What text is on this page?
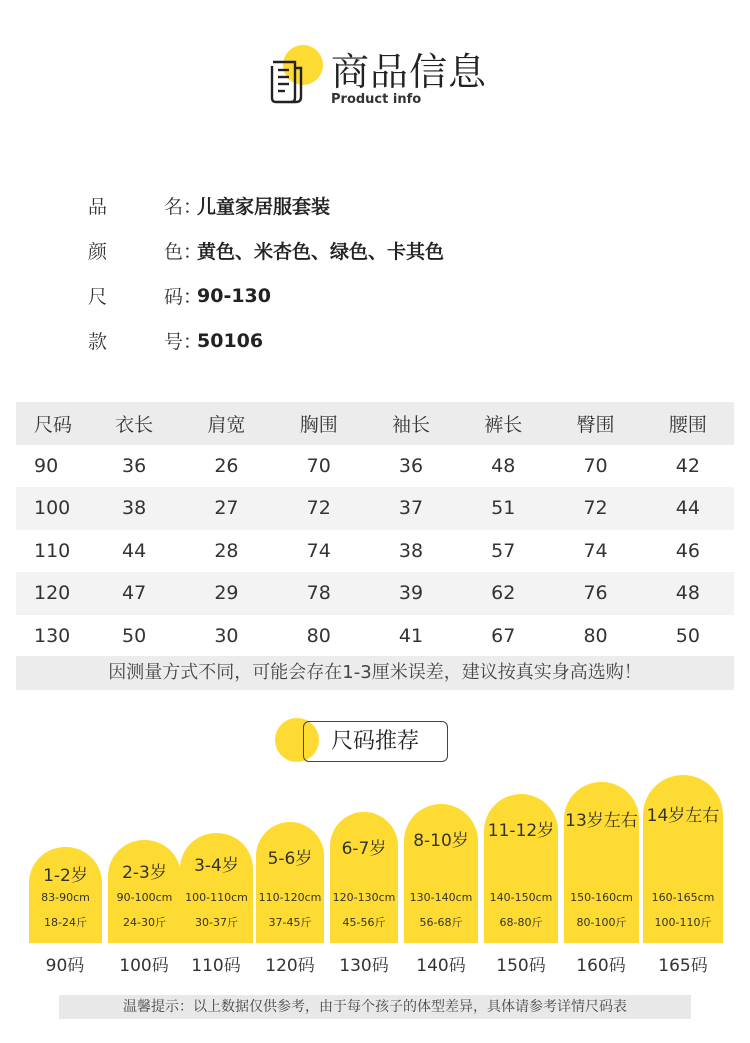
商品信息
Product info
品	名 ：
儿童家居服套装
颜	色 ：
黄色、米杏色、绿色、卡其色
尺	码 ：
90-130
款	号 ：
50106
尺码	衣长	肩宽	胸围	袖长	裤长	臀围	腰围
90	36	26	70	36	48	70	42
100	38	27	72	37	51	72	44
110	44	28	74	38	57	74	46
120	47	29	78	39	62	76	48
130	50	30	80	41	67	80	50
因测量方式不同，可能会存在1-3厘米误差，建议按真实身高选购！
尺码推荐
1-2岁
83-90cm
18-24斤
2-3岁
90-100cm
24-30斤
3-4岁
100-110cm
30-37斤
5-6岁
110-120cm
37-45斤
6-7岁
120-130cm
45-56斤
8-10岁
130-140cm
56-68斤
11-12岁
140-150cm
68-80斤
13岁左右
150-160cm
80-100斤
14岁左右
160-165cm
100-110斤
90码	100码	110码	120码	130码	140码	150码	160码	165码
温馨提示：以上数据仅供参考，由于每个孩子的体型差异，具体请参考详情尺码表
